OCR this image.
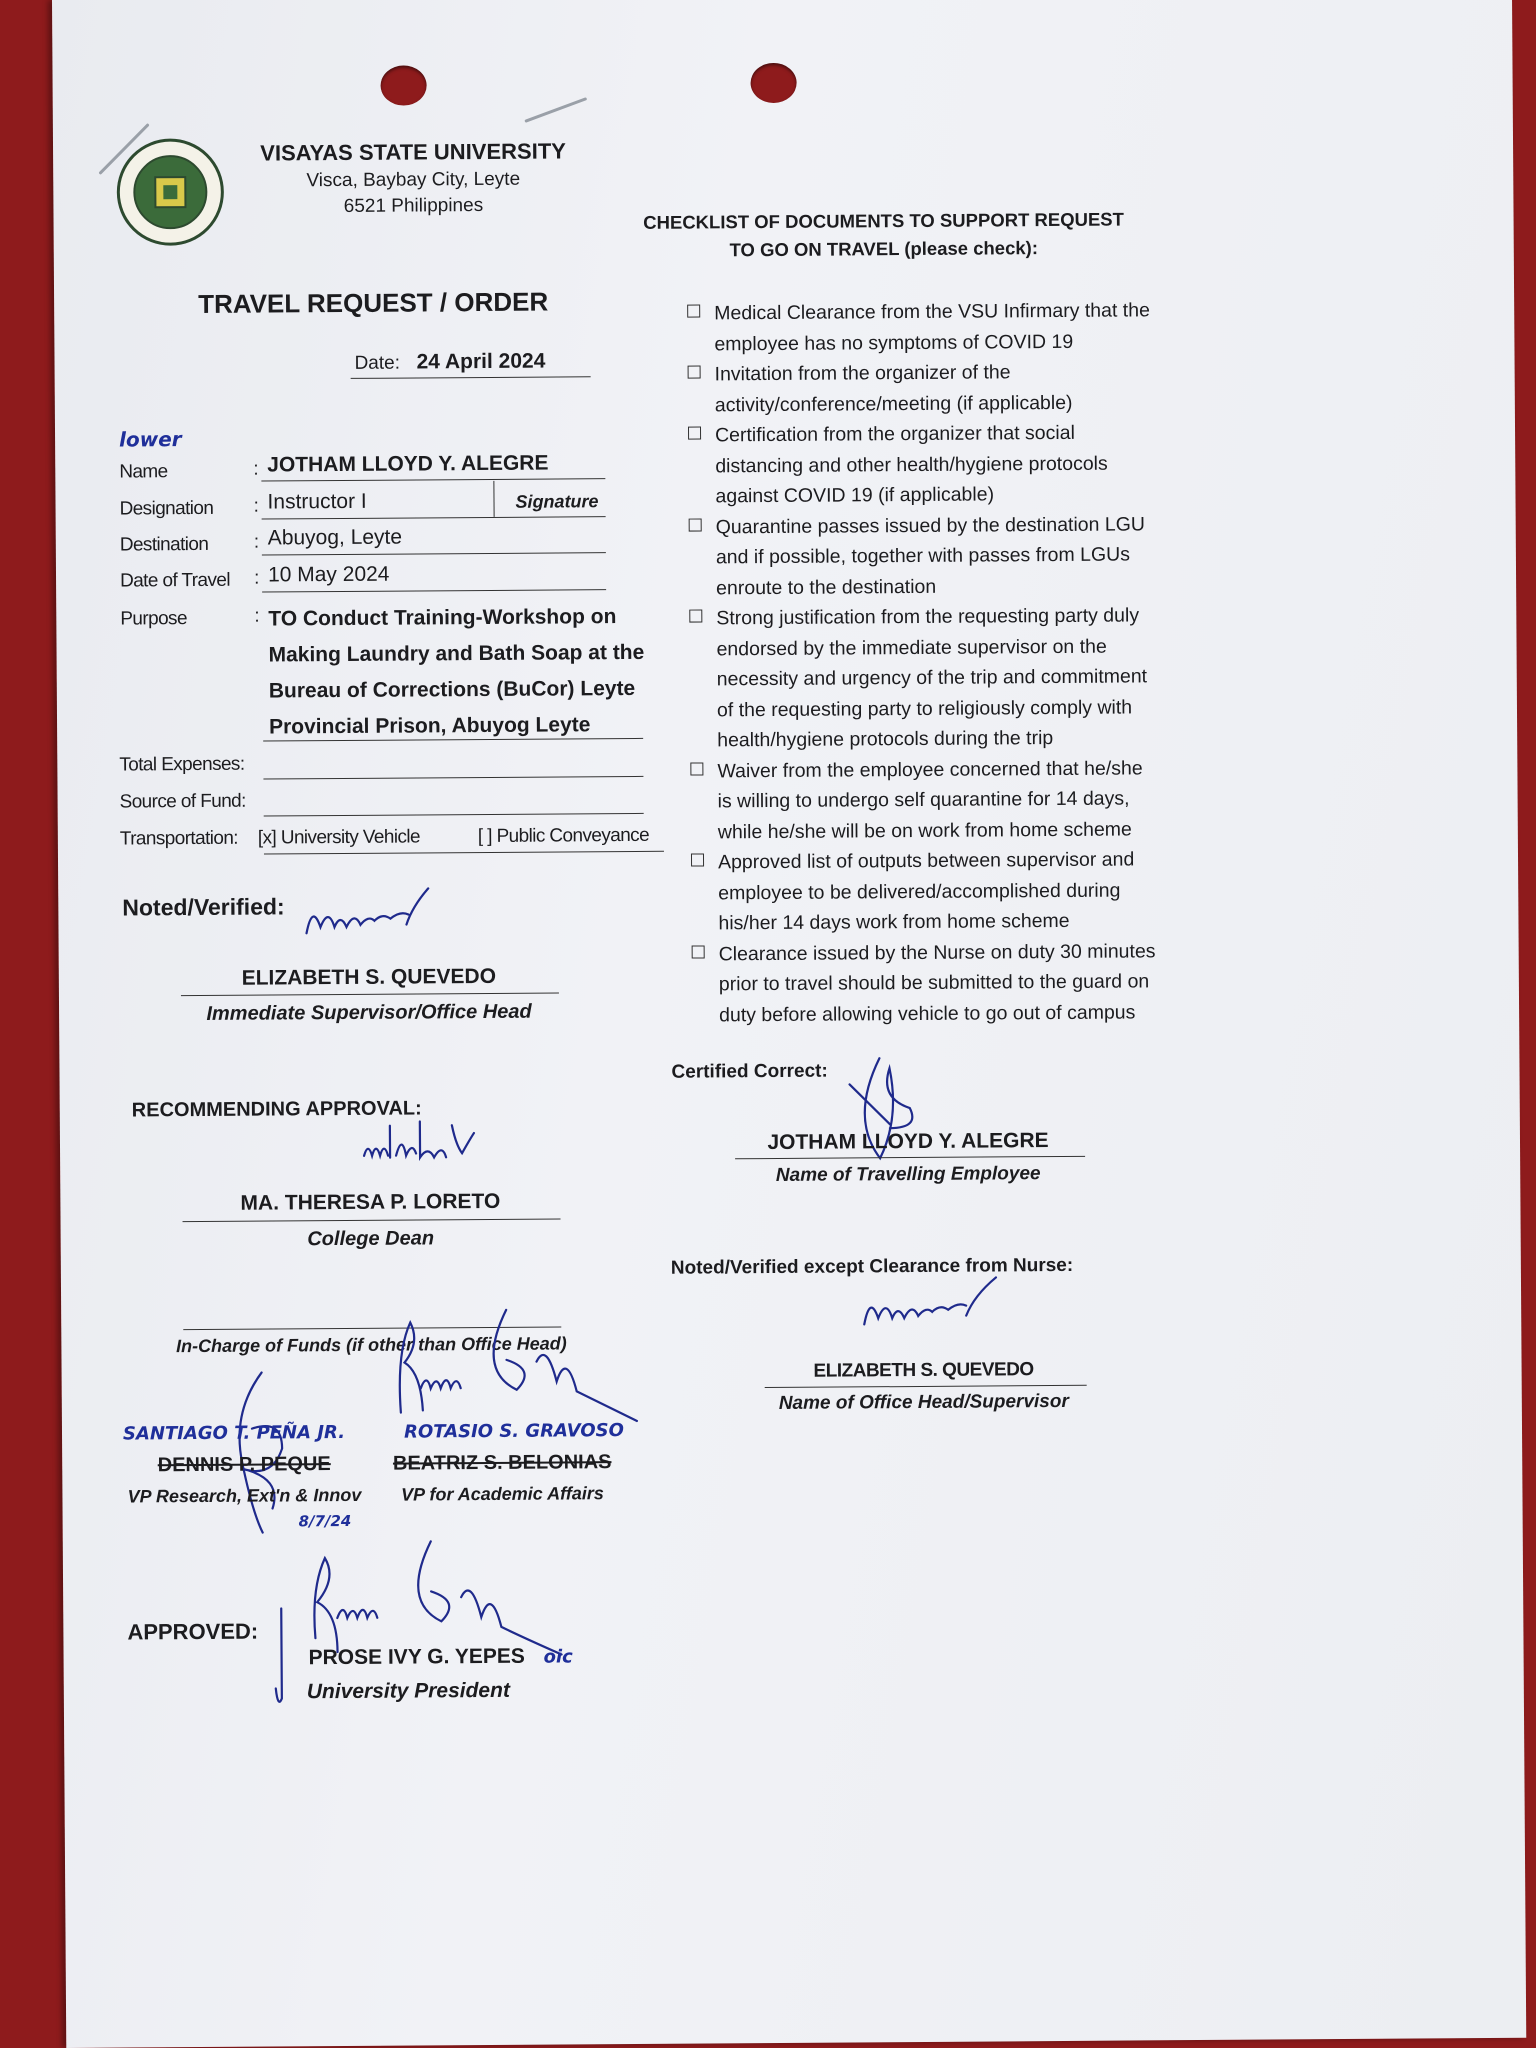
VISAYAS STATE UNIVERSITY
Visca, Baybay City, Leyte
6521 Philippines
TRAVEL REQUEST / ORDER
Date: 24 April 2024
lower
Name	: JOTHAM LLOYD Y. ALEGRE
Designation : Instructor I	Signature
Destination : Abuyog, Leyte
Date of Travel : 10 May 2024
Purpose	: TO Conduct Training-Workshop on
Making Laundry and Bath Soap at the
Bureau of Corrections (BuCor) Leyte
Provincial Prison, Abuyog Leyte
Total Expenses:
Source of Fund:
Transportation: [x] University Vehicle	[ ] Public Conveyance
Noted/Verified:
ELIZABETH S. QUEVEDO
Immediate Supervisor/Office Head
RECOMMENDING APPROVAL:
MA. THERESA P. LORETO
College Dean
In-Charge of Funds (if other than Office Head)
SANTIAGO T. PEÑA JR.
DENNIS P. PEQUE
VP Research, Ext'n & Innov
8/7/24
ROTASIO S. GRAVOSO
BEATRIZ S. BELONIAS
VP for Academic Affairs
APPROVED:
PROSE IVY G. YEPES oic
University President
CHECKLIST OF DOCUMENTS TO SUPPORT REQUEST
TO GO ON TRAVEL (please check):
Medical Clearance from the VSU Infirmary that the
employee has no symptoms of COVID 19
Invitation from the organizer of the
activity/conference/meeting (if applicable)
Certification from the organizer that social
distancing and other health/hygiene protocols
against COVID 19 (if applicable)
Quarantine passes issued by the destination LGU
and if possible, together with passes from LGUs
enroute to the destination
Strong justification from the requesting party duly
endorsed by the immediate supervisor on the
necessity and urgency of the trip and commitment
of the requesting party to religiously comply with
health/hygiene protocols during the trip
Waiver from the employee concerned that he/she
is willing to undergo self quarantine for 14 days,
while he/she will be on work from home scheme
Approved list of outputs between supervisor and
employee to be delivered/accomplished during
his/her 14 days work from home scheme
Clearance issued by the Nurse on duty 30 minutes
prior to travel should be submitted to the guard on
duty before allowing vehicle to go out of campus
Certified Correct:
JOTHAM LLOYD Y. ALEGRE
Name of Travelling Employee
Noted/Verified except Clearance from Nurse:
ELIZABETH S. QUEVEDO
Name of Office Head/Supervisor
